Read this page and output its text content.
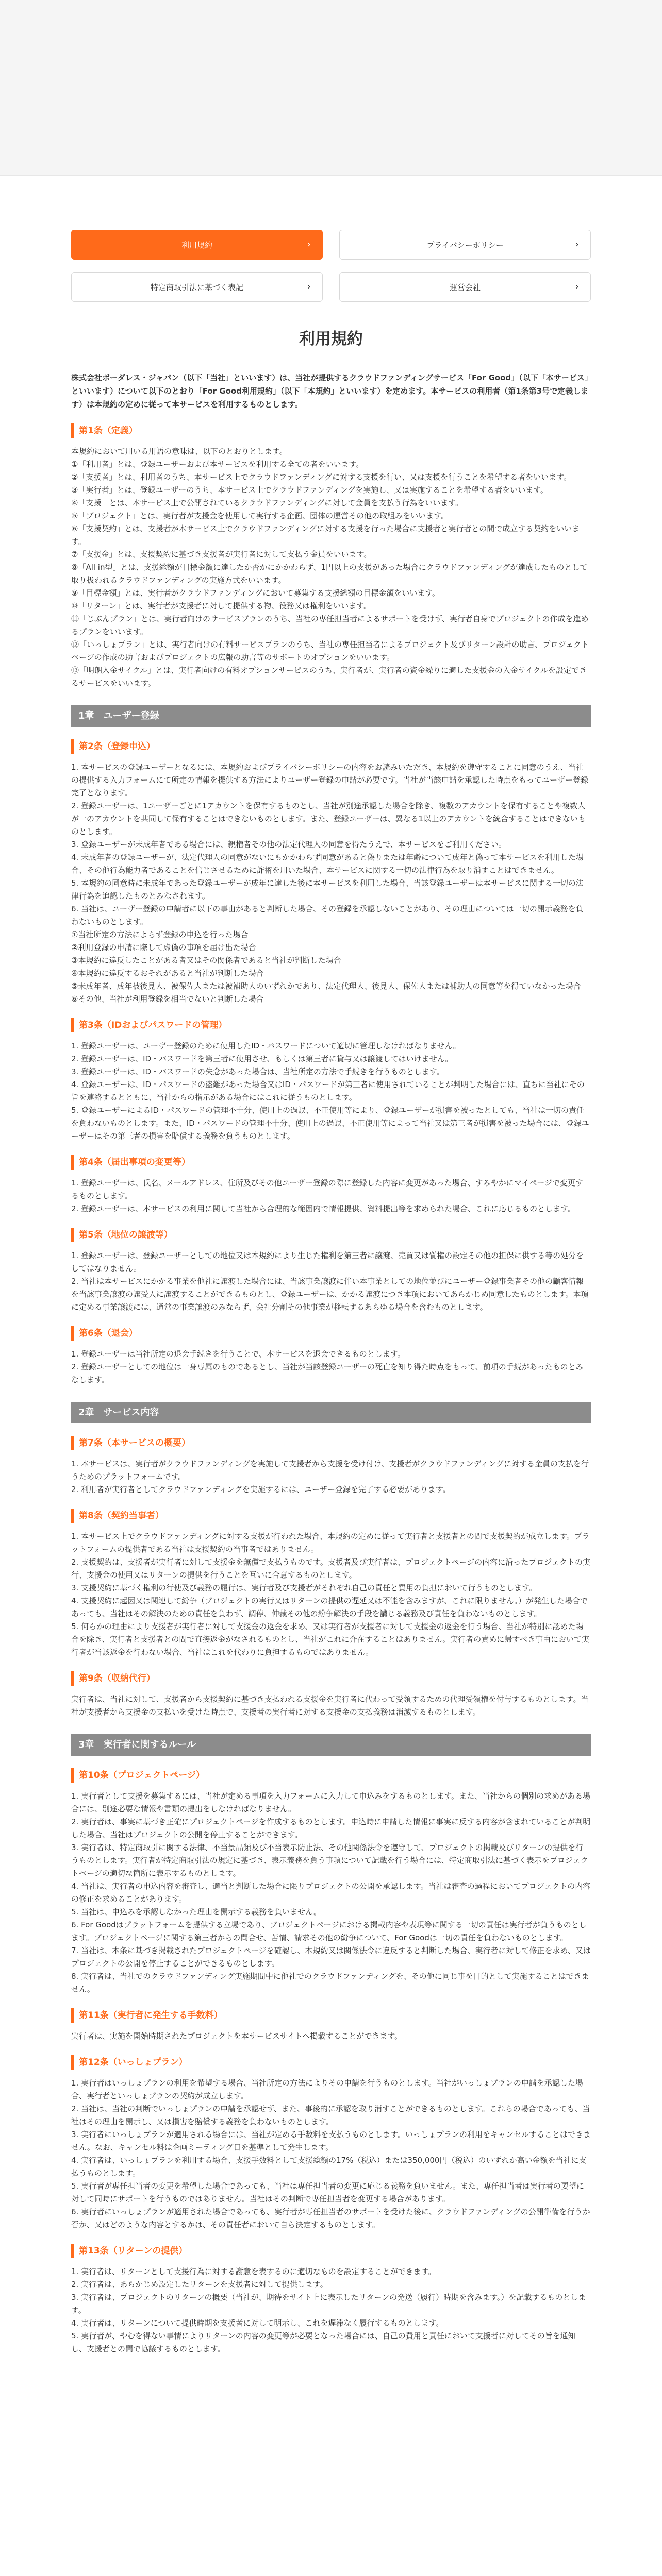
利用規約	›	プライバシーポリシー	›
特定商取引法に基づく表記	›	運営会社	›
利用規約

株式会社ボーダレス・ジャパン（以下「当社」といいます）は、当社が提供するクラウドファンディングサービス「For Good」（以下「本サービス」といいます）について以下のとおり「For Good利用規約」（以下「本規約」といいます）を定めます。本サービスの利用者（第1条第3号で定義します）は本規約の定めに従って本サービスを利用するものとします。

第1条（定義）

本規約において用いる用語の意味は、以下のとおりとします。

①「利用者」とは、登録ユーザーおよび本サービスを利用する全ての者をいいます。

②「支援者」とは、利用者のうち、本サービス上でクラウドファンディングに対する支援を行い、又は支援を行うことを希望する者をいいます。

③「実行者」とは、登録ユーザーのうち、本サービス上でクラウドファンディングを実施し、又は実施することを希望する者をいいます。

④「支援」とは、本サービス上で公開されているクラウドファンディングに対して金員を支払う行為をいいます。

⑤「プロジェクト」とは、実行者が支援金を使用して実行する企画、団体の運営その他の取組みをいいます。

⑥「支援契約」とは、支援者が本サービス上でクラウドファンディングに対する支援を行った場合に支援者と実行者との間で成立する契約をいいます。

⑦「支援金」とは、支援契約に基づき支援者が実行者に対して支払う金員をいいます。

⑧「All in型」とは、支援総額が目標金額に達したか否かにかかわらず、1円以上の支援があった場合にクラウドファンディングが達成したものとして取り扱われるクラウドファンディングの実施方式をいいます。

⑨「目標金額」とは、実行者がクラウドファンディングにおいて募集する支援総額の目標金額をいいます。

⑩「リターン」とは、実行者が支援者に対して提供する物、役務又は権利をいいます。

⑪「じぶんプラン」とは、実行者向けのサービスプランのうち、当社の専任担当者によるサポートを受けず、実行者自身でプロジェクトの作成を進めるプランをいいます。

⑫「いっしょプラン」とは、実行者向けの有料サービスプランのうち、当社の専任担当者によるプロジェクト及びリターン設計の助言、プロジェクトページの作成の助言およびプロジェクトの広報の助言等のサポートのオプションをいいます。

⑬「明朗入金サイクル」とは、実行者向けの有料オプションサービスのうち、実行者が、実行者の資金繰りに適した支援金の入金サイクルを設定できるサービスをいいます。

1章　ユーザー登録
第2条（登録申込）

1. 本サービスの登録ユーザーとなるには、本規約およびプライバシーポリシーの内容をお読みいただき、本規約を遵守することに同意のうえ、当社の提供する入力フォームにて所定の情報を提供する方法によりユーザー登録の申請が必要です。当社が当該申請を承認した時点をもってユーザー登録完了となります。

2. 登録ユーザーは、1ユーザーごとに1アカウントを保有するものとし、当社が別途承認した場合を除き、複数のアカウントを保有することや複数人が一のアカウントを共同して保有することはできないものとします。また、登録ユーザーは、異なる1以上のアカウントを統合することはできないものとします。

3. 登録ユーザーが未成年者である場合には、親権者その他の法定代理人の同意を得たうえで、本サービスをご利用ください。

4. 未成年者の登録ユーザーが、法定代理人の同意がないにもかかわらず同意があると偽りまたは年齢について成年と偽って本サービスを利用した場合、その他行為能力者であることを信じさせるために詐術を用いた場合、本サービスに関する一切の法律行為を取り消すことはできません。

5. 本規約の同意時に未成年であった登録ユーザーが成年に達した後に本サービスを利用した場合、当該登録ユーザーは本サービスに関する一切の法律行為を追認したものとみなされます。

6. 当社は、ユーザー登録の申請者に以下の事由があると判断した場合、その登録を承認しないことがあり、その理由については一切の開示義務を負わないものとします。

①当社所定の方法によらず登録の申込を行った場合

②利用登録の申請に際して虚偽の事項を届け出た場合

③本規約に違反したことがある者又はその関係者であると当社が判断した場合

④本規約に違反するおそれがあると当社が判断した場合

⑤未成年者、成年被後見人、被保佐人または被補助人のいずれかであり、法定代理人、後見人、保佐人または補助人の同意等を得ていなかった場合

⑥その他、当社が利用登録を相当でないと判断した場合

第3条（IDおよびパスワードの管理）

1. 登録ユーザーは、ユーザー登録のために使用したID・パスワードについて適切に管理しなければなりません。

2. 登録ユーザーは、ID・パスワードを第三者に使用させ、もしくは第三者に貸与又は譲渡してはいけません。

3. 登録ユーザーは、ID・パスワードの失念があった場合は、当社所定の方法で手続きを行うものとします。

4. 登録ユーザーは、ID・パスワードの盗難があった場合又はID・パスワードが第三者に使用されていることが判明した場合には、直ちに当社にその旨を連絡するとともに、当社からの指示がある場合にはこれに従うものとします。

5. 登録ユーザーによるID・パスワードの管理不十分、使用上の過誤、不正使用等により、登録ユーザーが損害を被ったとしても、当社は一切の責任を負わないものとします。また、ID・パスワードの管理不十分、使用上の過誤、不正使用等によって当社又は第三者が損害を被った場合には、登録ユーザーはその第三者の損害を賠償する義務を負うものとします。

第4条（届出事項の変更等）

1. 登録ユーザーは、氏名、メールアドレス、住所及びその他ユーザー登録の際に登録した内容に変更があった場合、すみやかにマイページで変更するものとします。

2. 登録ユーザーは、本サービスの利用に関して当社から合理的な範囲内で情報提供、資料提出等を求められた場合、これに応じるものとします。

第5条（地位の譲渡等）

1. 登録ユーザーは、登録ユーザーとしての地位又は本規約により生じた権利を第三者に譲渡、売買又は質権の設定その他の担保に供する等の処分をしてはなりません。

2. 当社は本サービスにかかる事業を他社に譲渡した場合には、当該事業譲渡に伴い本事業としての地位並びにユーザー登録事業者その他の顧客情報を当該事業譲渡の譲受人に譲渡することができるものとし、登録ユーザーは、かかる譲渡につき本項においてあらかじめ同意したものとします。本項に定める事業譲渡には、通常の事業譲渡のみならず、会社分割その他事業が移転するあらゆる場合を含むものとします。

第6条（退会）

1. 登録ユーザーは当社所定の退会手続きを行うことで、本サービスを退会できるものとします。

2. 登録ユーザーとしての地位は一身専属のものであるとし、当社が当該登録ユーザーの死亡を知り得た時点をもって、前項の手続があったものとみなします。

2章　サービス内容
第7条（本サービスの概要）

1. 本サービスは、実行者がクラウドファンディングを実施して支援者から支援を受け付け、支援者がクラウドファンディングに対する金員の支払を行うためのプラットフォームです。

2. 利用者が実行者としてクラウドファンディングを実施するには、ユーザー登録を完了する必要があります。

第8条（契約当事者）

1. 本サービス上でクラウドファンディングに対する支援が行われた場合、本規約の定めに従って実行者と支援者との間で支援契約が成立します。プラットフォームの提供者である当社は支援契約の当事者ではありません。

2. 支援契約は、支援者が実行者に対して支援金を無償で支払うものです。支援者及び実行者は、プロジェクトページの内容に沿ったプロジェクトの実行、支援金の使用又はリターンの提供を行うことを互いに合意するものとします。

3. 支援契約に基づく権利の行使及び義務の履行は、実行者及び支援者がそれぞれ自己の責任と費用の負担において行うものとします。

4. 支援契約に起因又は関連して紛争（プロジェクトの実行又はリターンの提供の遅延又は不能を含みますが、これに限りません。）が発生した場合であっても、当社はその解決のための責任を負わず、調停、仲裁その他の紛争解決の手段を講じる義務及び責任を負わないものとします。

5. 何らかの理由により支援者が実行者に対して支援金の返金を求め、又は実行者が支援者に対して支援金の返金を行う場合、当社が特別に認めた場合を除き、実行者と支援者との間で直接返金がなされるものとし、当社がこれに介在することはありません。実行者の責めに帰すべき事由において実行者が当該返金を行わない場合、当社はこれを代わりに負担するものではありません。

第9条（収納代行）

実行者は、当社に対して、支援者から支援契約に基づき支払われる支援金を実行者に代わって受領するための代理受領権を付与するものとします。当社が支援者から支援金の支払いを受けた時点で、支援者の実行者に対する支援金の支払義務は消滅するものとします。

3章　実行者に関するルール
第10条（プロジェクトページ）

1. 実行者として支援を募集するには、当社が定める事項を入力フォームに入力して申込みをするものとします。また、当社からの個別の求めがある場合には、別途必要な情報や書類の提出をしなければなりません。

2. 実行者は、事実に基づき正確にプロジェクトページを作成するものとします。申込時に申請した情報に事実に反する内容が含まれていることが判明した場合、当社はプロジェクトの公開を停止することができます。

3. 実行者は、特定商取引に関する法律、不当景品類及び不当表示防止法、その他関係法令を遵守して、プロジェクトの掲載及びリターンの提供を行うものとします。実行者が特定商取引法の規定に基づき、表示義務を負う事項について記載を行う場合には、特定商取引法に基づく表示をプロジェクトページの適切な箇所に表示するものとします。

4. 当社は、実行者の申込内容を審査し、適当と判断した場合に限りプロジェクトの公開を承認します。当社は審査の過程においてプロジェクトの内容の修正を求めることがあります。

5. 当社は、申込みを承認しなかった理由を開示する義務を負いません。

6. For Goodはプラットフォームを提供する立場であり、プロジェクトページにおける掲載内容や表現等に関する一切の責任は実行者が負うものとします。プロジェクトページに関する第三者からの問合せ、苦情、請求その他の紛争について、For Goodは一切の責任を負わないものとします。

7. 当社は、本条に基づき掲載されたプロジェクトページを確認し、本規約又は関係法令に違反すると判断した場合、実行者に対して修正を求め、又はプロジェクトの公開を停止することができるものとします。

8. 実行者は、当社でのクラウドファンディング実施期間中に他社でのクラウドファンディングを、その他に同じ事を目的として実施することはできません。

第11条（実行者に発生する手数料）

実行者は、実施を開始時期されたプロジェクトを本サービスサイトへ掲載することができます。

第12条（いっしょプラン）

1. 実行者はいっしょプランの利用を希望する場合、当社所定の方法によりその申請を行うものとします。当社がいっしょプランの申請を承認した場合、実行者といっしょプランの契約が成立します。

2. 当社は、当社の判断でいっしょプランの申請を承認せず、また、事後的に承認を取り消すことができるものとします。これらの場合であっても、当社はその理由を開示し、又は損害を賠償する義務を負わないものとします。

3. 実行者にいっしょプランが適用される場合には、当社が定める手数料を支払うものとします。いっしょプランの利用をキャンセルすることはできません。なお、キャンセル料は企画ミーティング日を基準として発生します。

4. 実行者は、いっしょプランを利用する場合、支援手数料として支援総額の17%（税込）または350,000円（税込）のいずれか高い金額を当社に支払うものとします。

5. 実行者が専任担当者の変更を希望した場合であっても、当社は専任担当者の変更に応じる義務を負いません。また、専任担当者は実行者の要望に対して同時にサポートを行うものではありません。当社はその判断で専任担当者を変更する場合があります。

6. 実行者にいっしょプランが適用された場合であっても、実行者が専任担当者のサポートを受けた後に、クラウドファンディングの公開準備を行うか否か、又はどのような内容とするかは、その責任者において自ら決定するものとします。

第13条（リターンの提供）

1. 実行者は、リターンとして支援行為に対する謝意を表するのに適切なものを設定することができます。

2. 実行者は、あらかじめ設定したリターンを支援者に対して提供します。

3. 実行者は、プロジェクトのリターンの概要（当社が、期待をサイト上に表示したリターンの発送（履行）時期を含みます。）を記載するものとします。

4. 実行者は、リターンについて提供時期を支援者に対して明示し、これを遅滞なく履行するものとします。

5. 実行者が、やむを得ない事情によりリターンの内容の変更等が必要となった場合には、自己の費用と責任において支援者に対してその旨を通知し、支援者との間で協議するものとします。
